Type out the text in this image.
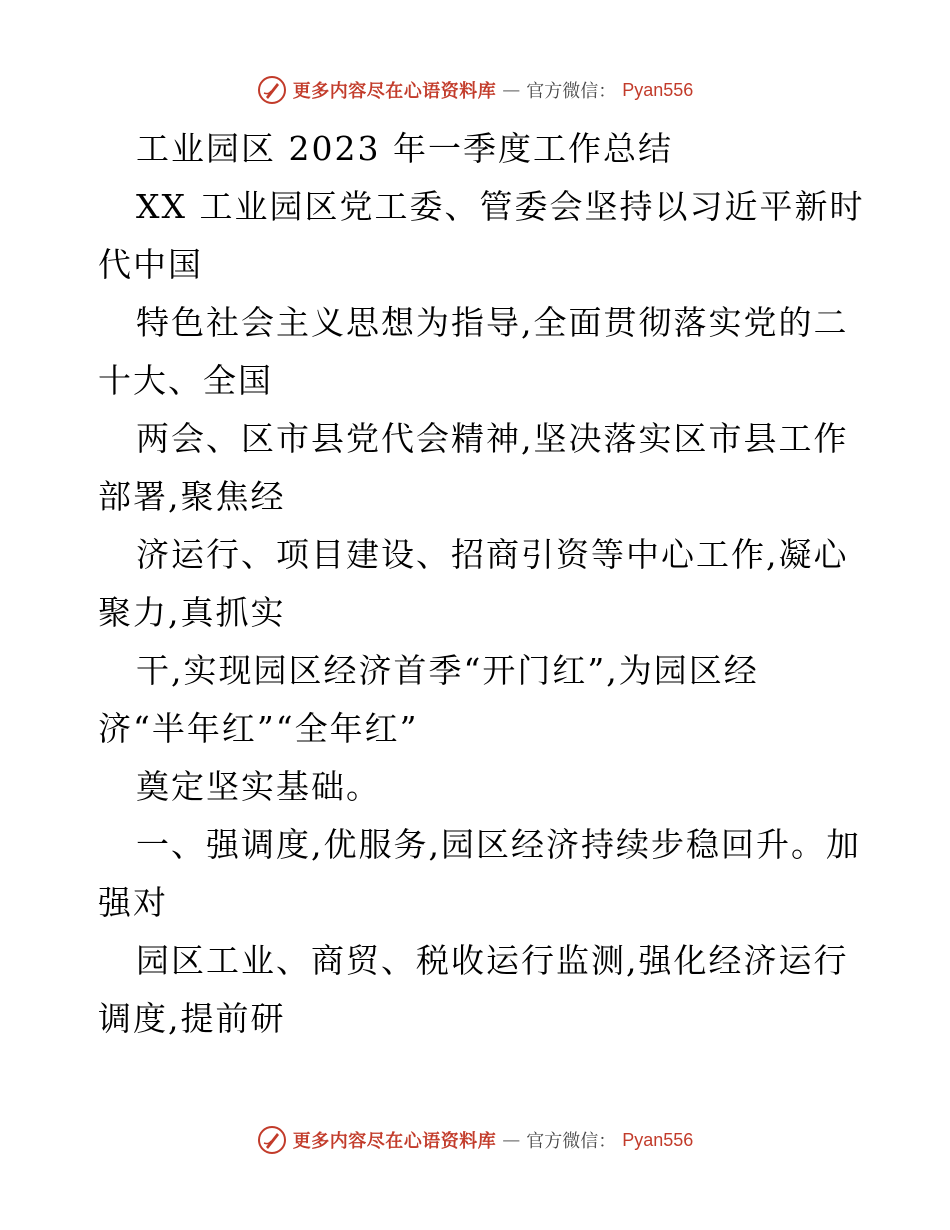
更多内容尽在心语资料库 — 官方微信： Pyan556
工业园区 2023 年一季度工作总结
XX 工业园区党工委、管委会坚持以习近平新时
代中国
特色社会主义思想为指导,全面贯彻落实党的二
十大、全国
两会、区市县党代会精神,坚决落实区市县工作
部署,聚焦经
济运行、项目建设、招商引资等中心工作,凝心
聚力,真抓实
干,实现园区经济首季“开门红”,为园区经
济“半年红”“全年红”
奠定坚实基础。
一、强调度,优服务,园区经济持续步稳回升。加
强对
园区工业、商贸、税收运行监测,强化经济运行
调度,提前研
更多内容尽在心语资料库 — 官方微信： Pyan556
